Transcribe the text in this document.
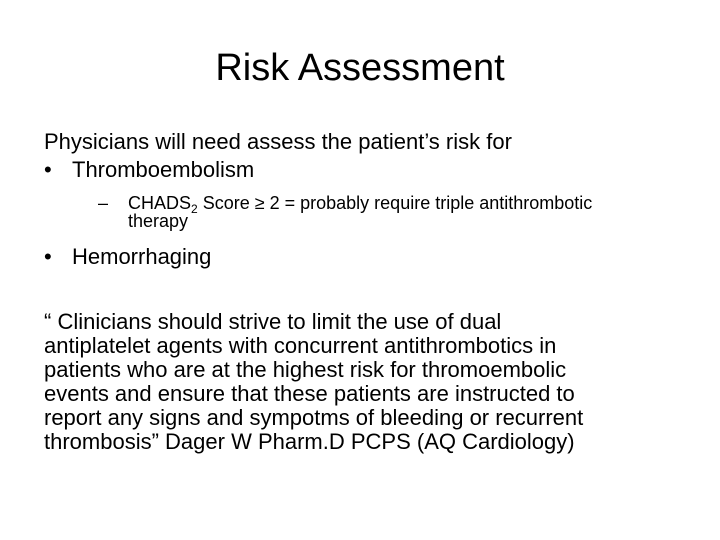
Risk Assessment
Physicians will need assess the patient’s risk for
• Thromboembolism
– $CHADS_2$ Score ≥ 2 = probably require triple antithrombotic
therapy
• Hemorrhaging
“ Clinicians should strive to limit the use of dual
antiplatelet agents with concurrent antithrombotics in
patients who are at the highest risk for thromoembolic
events and ensure that these patients are instructed to
report any signs and sympotms of bleeding or recurrent
thrombosis” Dager W Pharm.D PCPS (AQ Cardiology)
